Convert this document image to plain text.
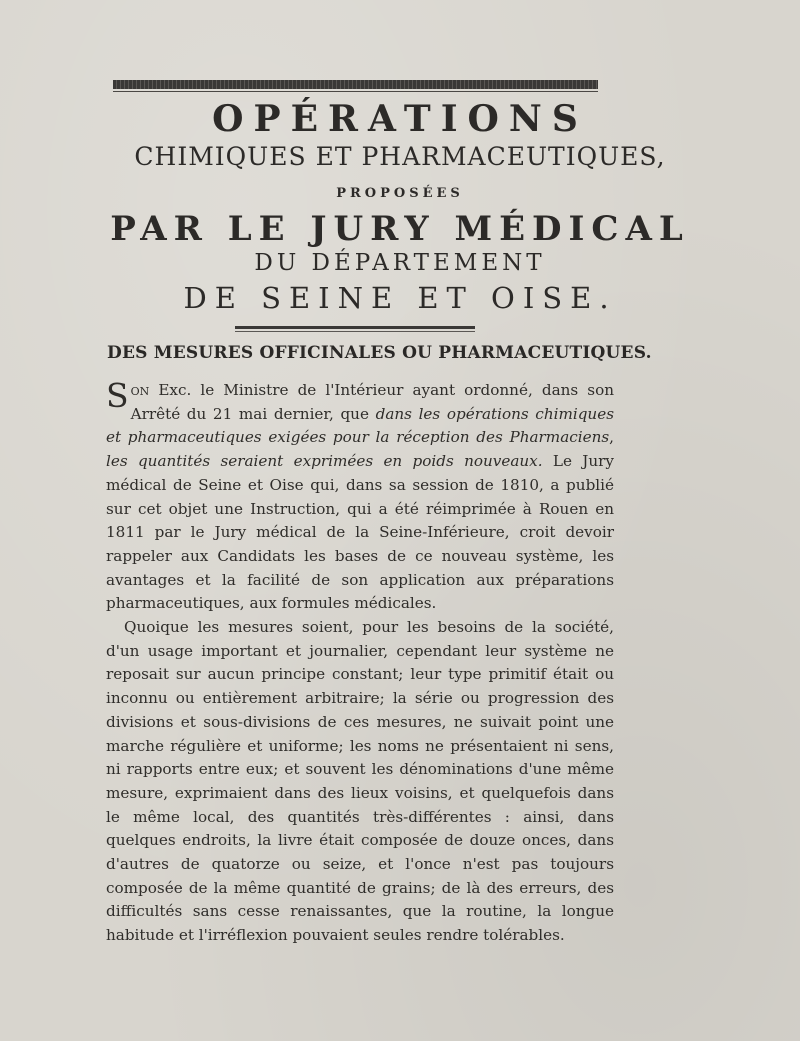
OPÉRATIONS
CHIMIQUES ET PHARMACEUTIQUES,
PROPOSÉES
PAR LE JURY MÉDICAL
DU DÉPARTEMENT
DE SEINE ET OISE.
DES MESURES OFFICINALES OU PHARMACEUTIQUES.

Son Exc. le Ministre de l'Intérieur ayant ordonné, dans son Arrêté du 21 mai dernier, que dans les opérations chimiques et pharmaceutiques exigées pour la réception des Pharmaciens, les quantités seraient exprimées en poids nouveaux. Le Jury médical de Seine et Oise qui, dans sa session de 1810, a publié sur cet objet une Instruction, qui a été réimprimée à Rouen en 1811 par le Jury médical de la Seine-Inférieure, croit devoir rappeler aux Candidats les bases de ce nouveau système, les avantages et la facilité de son application aux préparations pharmaceutiques, aux formules médicales.

Quoique les mesures soient, pour les besoins de la société, d'un usage important et journalier, cependant leur système ne reposait sur aucun principe constant; leur type primitif était ou inconnu ou entièrement arbitraire; la série ou progression des divisions et sous-divisions de ces mesures, ne suivait point une marche régulière et uniforme; les noms ne présentaient ni sens, ni rapports entre eux; et souvent les dénominations d'une même mesure, exprimaient dans des lieux voisins, et quelquefois dans le même local, des quantités très-différentes : ainsi, dans quelques endroits, la livre était composée de douze onces, dans d'autres de quatorze ou seize, et l'once n'est pas toujours composée de la même quantité de grains; de là des erreurs, des difficultés sans cesse renaissantes, que la routine, la longue habitude et l'irréflexion pouvaient seules rendre tolérables.
